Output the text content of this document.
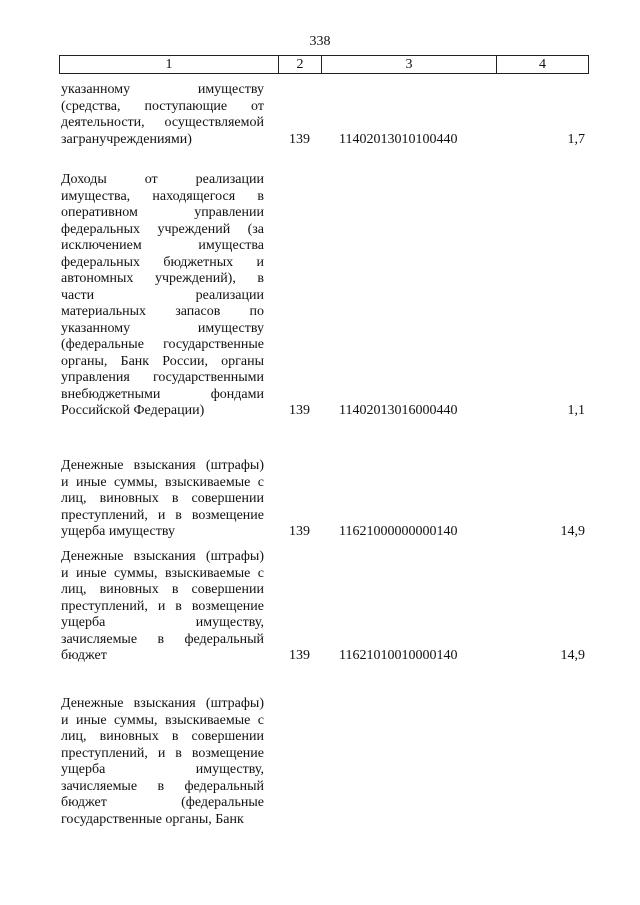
338
1	2	3	4
указанному имуществу
(средства, поступающие от
деятельности, осуществляемой
загранучреждениями)	139	11402013010100440	1,7
Доходы от реализации
имущества, находящегося в
оперативном управлении
федеральных учреждений (за
исключением имущества
федеральных бюджетных и
автономных учреждений), в
части реализации
материальных запасов по
указанному имуществу
(федеральные государственные
органы, Банк России, органы
управления государственными
внебюджетными фондами
Российской Федерации)	139	11402013016000440	1,1
Денежные взыскания (штрафы)
и иные суммы, взыскиваемые с
лиц, виновных в совершении
преступлений, и в возмещение
ущерба имуществу	139	11621000000000140	14,9
Денежные взыскания (штрафы)
и иные суммы, взыскиваемые с
лиц, виновных в совершении
преступлений, и в возмещение
ущерба имуществу,
зачисляемые в федеральный
бюджет	139	11621010010000140	14,9
Денежные взыскания (штрафы)
и иные суммы, взыскиваемые с
лиц, виновных в совершении
преступлений, и в возмещение
ущерба имуществу,
зачисляемые в федеральный
бюджет (федеральные
государственные органы, Банк
